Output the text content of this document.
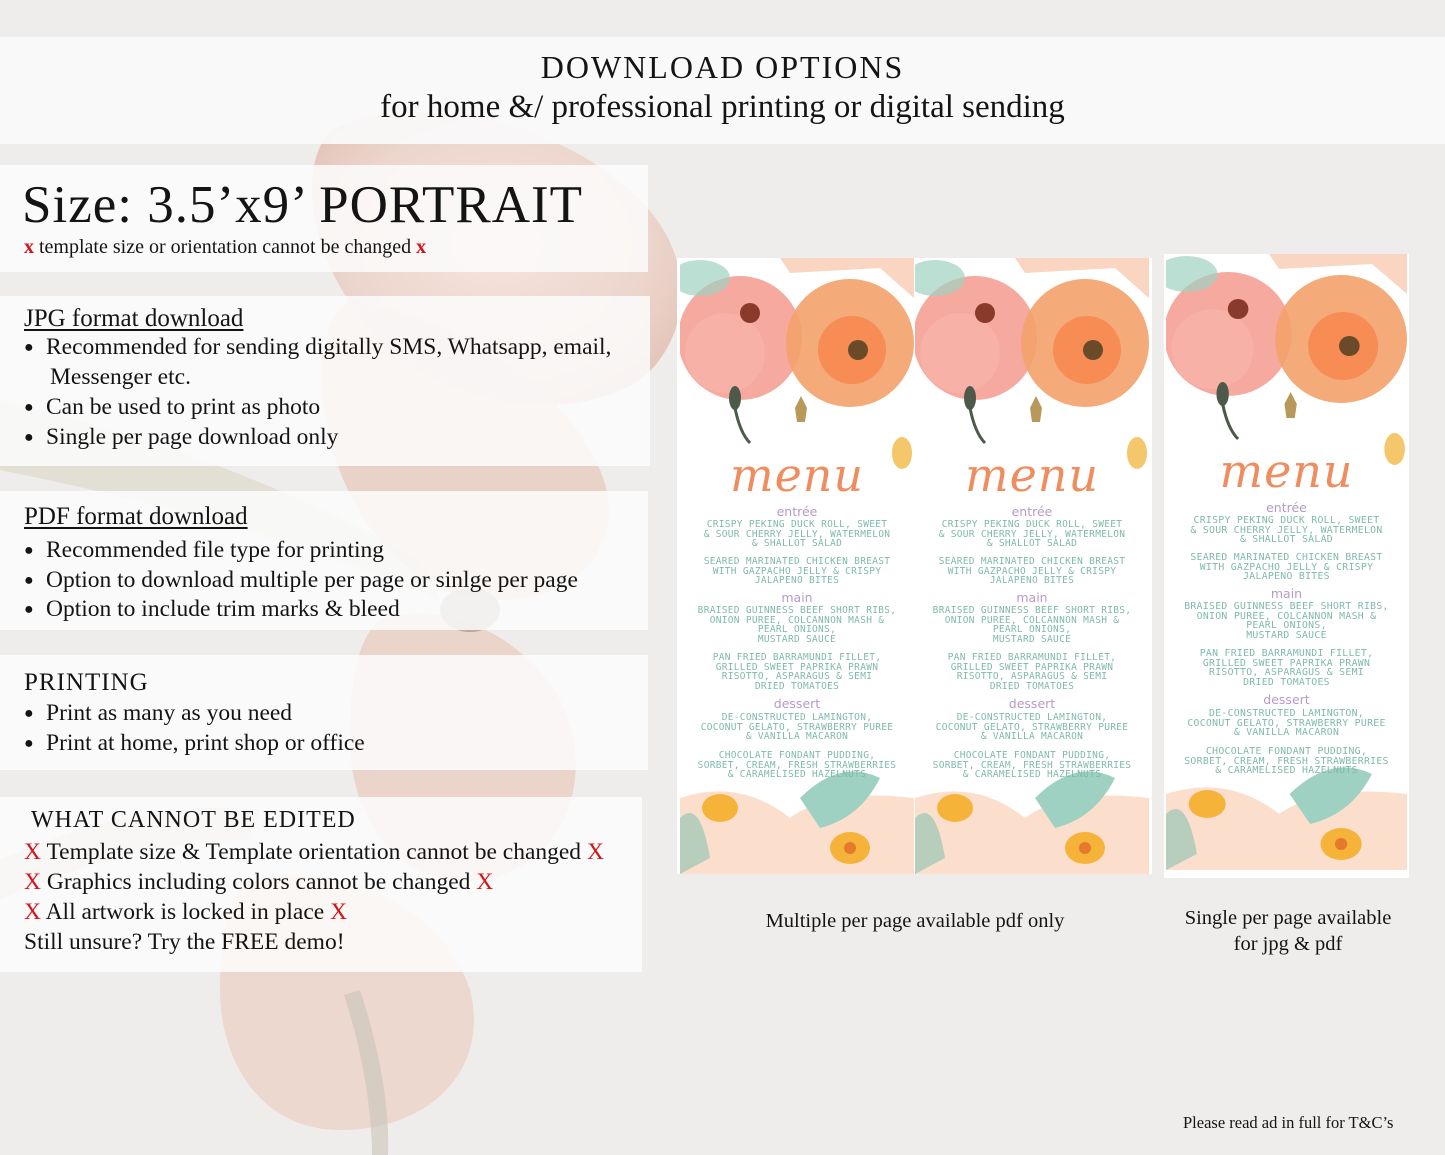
DOWNLOAD OPTIONS
for home &/ professional printing or digital sending
Size: 3.5’x9’ PORTRAIT
x template size or orientation cannot be changed x
JPG format download
● Recommended for sending digitally SMS, Whatsapp, email,
Messenger etc.
● Can be used to print as photo
● Single per page download only
PDF format download
● Recommended file type for printing
● Option to download multiple per page or sinlge per page
● Option to include trim marks & bleed
PRINTING
● Print as many as you need
● Print at home, print shop or office
WHAT CANNOT BE EDITED
X Template size & Template orientation cannot be changed X
X Graphics including colors cannot be changed X
X All artwork is locked in place X
Still unsure? Try the FREE demo!
menu
entrée
CRISPY PEKING DUCK ROLL, SWEET
& SOUR CHERRY JELLY, WATERMELON
& SHALLOT SALAD
SEARED MARINATED CHICKEN BREAST
WITH GAZPACHO JELLY & CRISPY
JALAPENO BITES
main
BRAISED GUINNESS BEEF SHORT RIBS,
ONION PUREE, COLCANNON MASH &
PEARL ONIONS,
MUSTARD SAUCE
PAN FRIED BARRAMUNDI FILLET,
GRILLED SWEET PAPRIKA PRAWN
RISOTTO, ASPARAGUS & SEMI
DRIED TOMATOES
dessert
DE-CONSTRUCTED LAMINGTON,
COCONUT GELATO, STRAWBERRY PUREE
& VANILLA MACARON
CHOCOLATE FONDANT PUDDING,
SORBET, CREAM, FRESH STRAWBERRIES
& CARAMELISED HAZELNUTS
menu
entrée
CRISPY PEKING DUCK ROLL, SWEET
& SOUR CHERRY JELLY, WATERMELON
& SHALLOT SALAD
SEARED MARINATED CHICKEN BREAST
WITH GAZPACHO JELLY & CRISPY
JALAPENO BITES
main
BRAISED GUINNESS BEEF SHORT RIBS,
ONION PUREE, COLCANNON MASH &
PEARL ONIONS,
MUSTARD SAUCE
PAN FRIED BARRAMUNDI FILLET,
GRILLED SWEET PAPRIKA PRAWN
RISOTTO, ASPARAGUS & SEMI
DRIED TOMATOES
dessert
DE-CONSTRUCTED LAMINGTON,
COCONUT GELATO, STRAWBERRY PUREE
& VANILLA MACARON
CHOCOLATE FONDANT PUDDING,
SORBET, CREAM, FRESH STRAWBERRIES
& CARAMELISED HAZELNUTS
menu
entrée
CRISPY PEKING DUCK ROLL, SWEET
& SOUR CHERRY JELLY, WATERMELON
& SHALLOT SALAD
SEARED MARINATED CHICKEN BREAST
WITH GAZPACHO JELLY & CRISPY
JALAPENO BITES
main
BRAISED GUINNESS BEEF SHORT RIBS,
ONION PUREE, COLCANNON MASH &
PEARL ONIONS,
MUSTARD SAUCE
PAN FRIED BARRAMUNDI FILLET,
GRILLED SWEET PAPRIKA PRAWN
RISOTTO, ASPARAGUS & SEMI
DRIED TOMATOES
dessert
DE-CONSTRUCTED LAMINGTON,
COCONUT GELATO, STRAWBERRY PUREE
& VANILLA MACARON
CHOCOLATE FONDANT PUDDING,
SORBET, CREAM, FRESH STRAWBERRIES
& CARAMELISED HAZELNUTS
Multiple per page available pdf only	Single per page available
for jpg & pdf
Please read ad in full for T&C’s
